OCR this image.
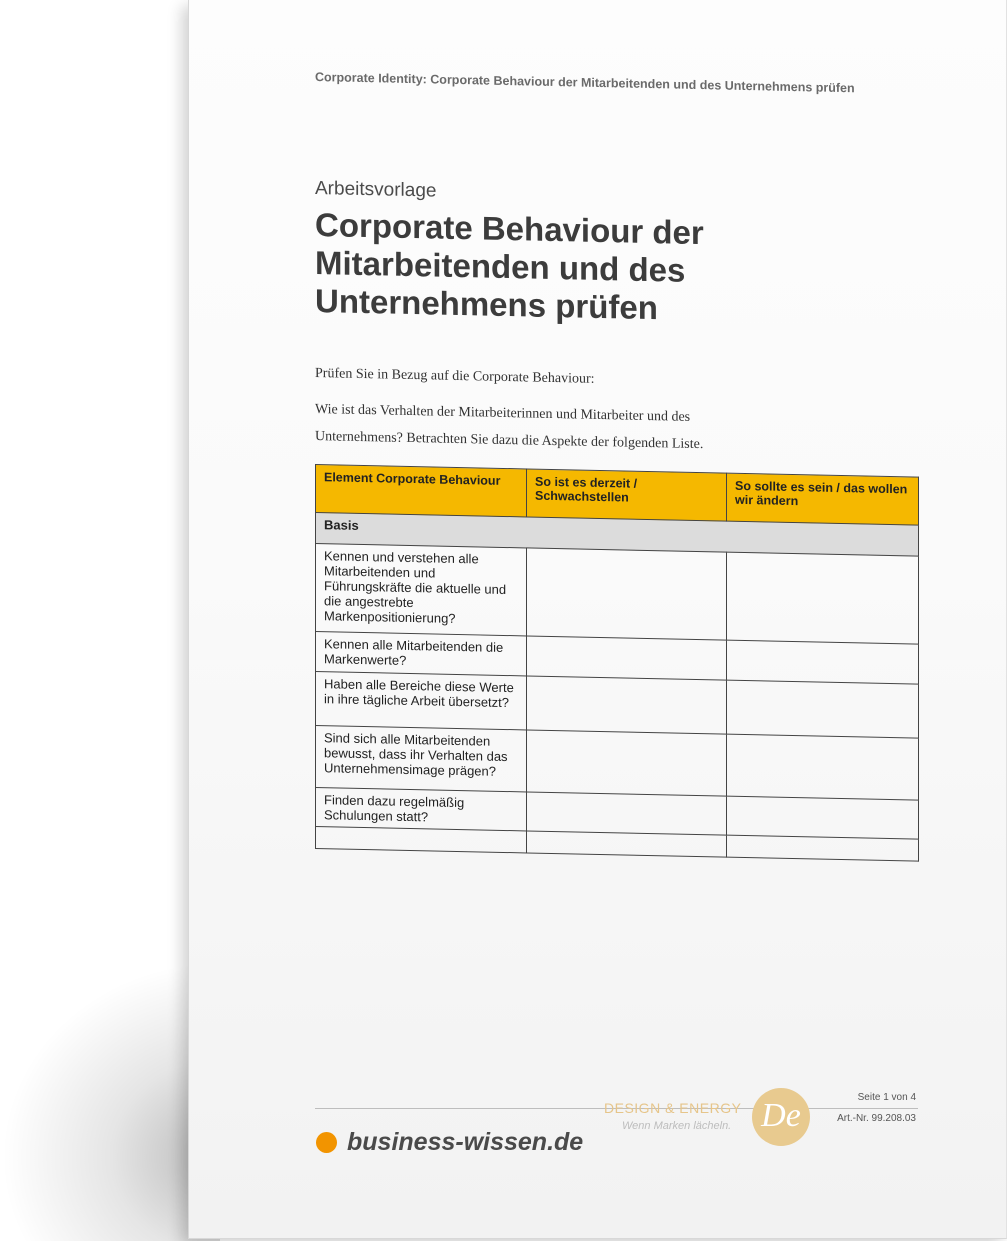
Corporate Identity: Corporate Behaviour der Mitarbeitenden und des Unternehmens prüfen

Arbeitsvorlage

Corporate Behaviour der Mitarbeitenden und des Unternehmens prüfen

Prüfen Sie in Bezug auf die Corporate Behaviour:

Wie ist das Verhalten der Mitarbeiterinnen und Mitarbeiter und des Unternehmens? Betrachten Sie dazu die Aspekte der folgenden Liste.

Element Corporate Behaviour	So ist es derzeit / Schwachstellen	So sollte es sein / das wollen wir ändern
Basis		
Kennen und verstehen alle Mitarbeitenden und Führungskräfte die aktuelle und die angestrebte Markenpositionierung?		
Kennen alle Mitarbeitenden die Markenwerte?		
Haben alle Bereiche diese Werte in ihre tägliche Arbeit übersetzt?		
Sind sich alle Mitarbeitenden bewusst, dass ihr Verhalten das Unternehmensimage prägen?		
Finden dazu regelmäßig Schulungen statt?		

business-wissen.de
DESIGN & ENERGY
Wenn Marken lächeln. De	Seite 1 von 4
Art.-Nr. 99.208.03
